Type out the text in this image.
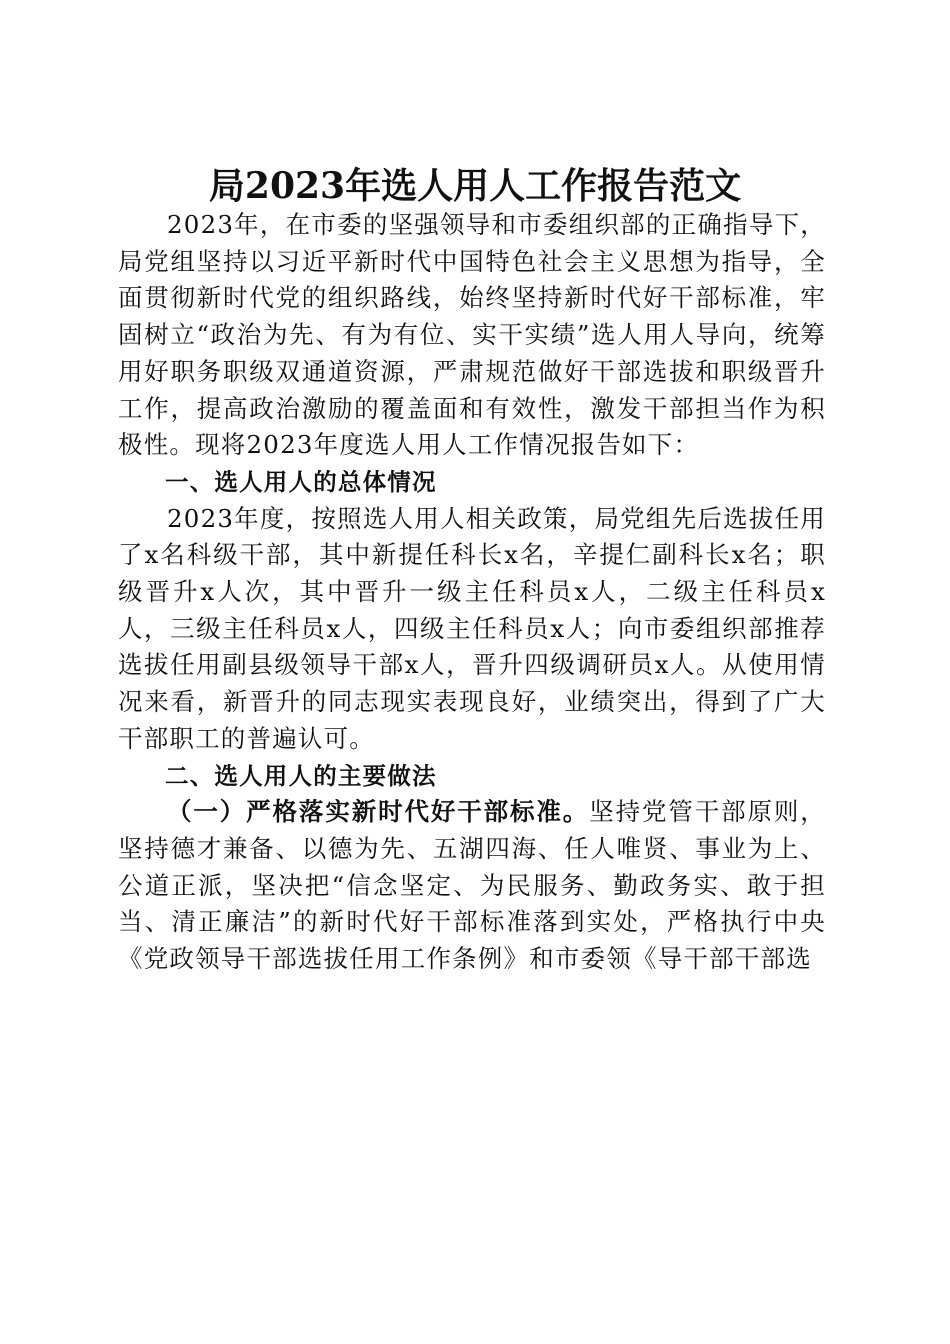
局2023年选人用人工作报告范文

2023年，在市委的坚强领导和市委组织部的正确指导下，局党组坚持以习近平新时代中国特色社会主义思想为指导，全面贯彻新时代党的组织路线，始终坚持新时代好干部标准，牢固树立“政治为先、有为有位、实干实绩”选人用人导向，统筹用好职务职级双通道资源，严肃规范做好干部选拔和职级晋升工作，提高政治激励的覆盖面和有效性，激发干部担当作为积极性。现将2023年度选人用人工作情况报告如下：

一、选人用人的总体情况

2023年度，按照选人用人相关政策，局党组先后选拔任用了x名科级干部，其中新提任科长x名，辛提仁副科长x名；职级晋升x人次，其中晋升一级主任科员x人，二级主任科员x人，三级主任科员x人，四级主任科员x人；向市委组织部推荐选拔任用副县级领导干部x人，晋升四级调研员x人。从使用情况来看，新晋升的同志现实表现良好，业绩突出，得到了广大干部职工的普遍认可。

二、选人用人的主要做法

（一）严格落实新时代好干部标准。坚持党管干部原则，坚持德才兼备、以德为先、五湖四海、任人唯贤、事业为上、公道正派，坚决把“信念坚定、为民服务、勤政务实、敢于担当、清正廉洁”的新时代好干部标准落到实处，严格执行中央《党政领导干部选拔任用工作条例》和市委领《导干部干部选
